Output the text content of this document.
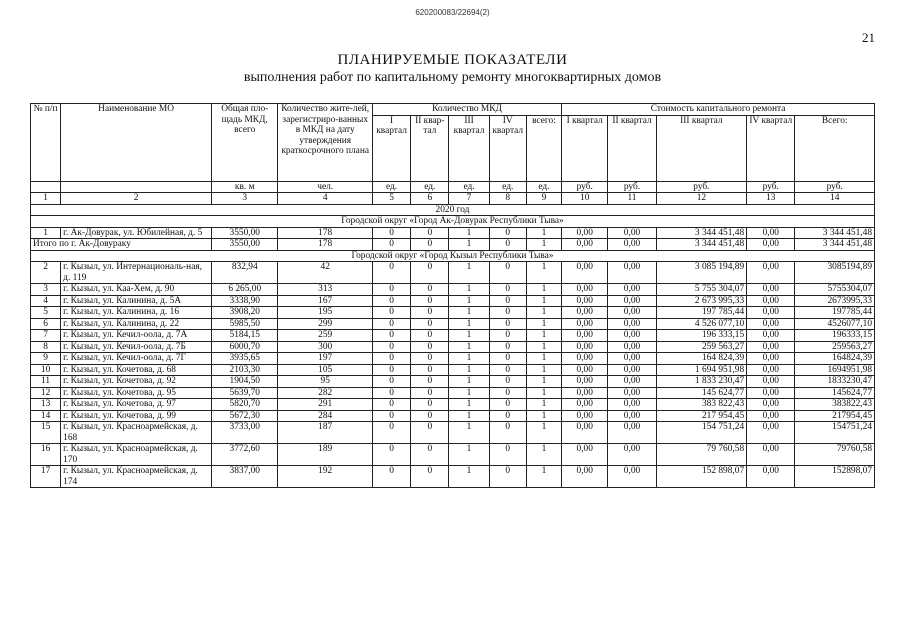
620200083/22694(2)
21
ПЛАНИРУЕМЫЕ ПОКАЗАТЕЛИ
выполнения работ по капитальному ремонту многоквартирных домов
№ п/п	Наименование МО	Общая пло-щадь МКД, всего	Количество жите-лей, зарегистриро-ванных в МКД на дату утверждения краткосрочного плана	Количество МКД					Стоимость капитального ремонта				
				I квартал	II квар-тал	III квартал	IV квартал	всего:	I квартал	II квартал	III квартал	IV квартал	Всего:
		кв. м	чел.	ед.	ед.	ед.	ед.	ед.	руб.	руб.	руб.	руб.	руб.
1	2	3	4	5	6	7	8	9	10	11	12	13	14
2020 год													
Городской округ «Город Ак-Довурак Республики Тыва»													
1	г. Ак-Довурак, ул. Юбилейная, д. 5	3550,00	178	0	0	1	0	1	0,00	0,00	3 344 451,48	0,00	3 344 451,48
Итого по г. Ак-Довураку		3550,00	178	0	0	1	0	1	0,00	0,00	3 344 451,48	0,00	3 344 451,48
Городской округ «Город Кызыл Республики Тыва»													
2	г. Кызыл, ул. Интернациональ-ная, д. 119	832,94	42	0	0	1	0	1	0,00	0,00	3 085 194,89	0,00	3085194,89
3	г. Кызыл, ул. Каа-Хем, д. 90	6 265,00	313	0	0	1	0	1	0,00	0,00	5 755 304,07	0,00	5755304,07
4	г. Кызыл, ул. Калинина, д. 5А	3338,90	167	0	0	1	0	1	0,00	0,00	2 673 995,33	0,00	2673995,33
5	г. Кызыл, ул. Калинина, д. 16	3908,20	195	0	0	1	0	1	0,00	0,00	197 785,44	0,00	197785,44
6	г. Кызыл, ул. Калинина, д. 22	5985,50	299	0	0	1	0	1	0,00	0,00	4 526 077,10	0,00	4526077,10
7	г. Кызыл, ул. Кечил-оола, д. 7А	5184,15	259	0	0	1	0	1	0,00	0,00	196 333,15	0,00	196333,15
8	г. Кызыл, ул. Кечил-оола, д. 7Б	6000,70	300	0	0	1	0	1	0,00	0,00	259 563,27	0,00	259563,27
9	г. Кызыл, ул. Кечил-оола, д. 7Г	3935,65	197	0	0	1	0	1	0,00	0,00	164 824,39	0,00	164824,39
10	г. Кызыл, ул. Кочетова, д. 68	2103,30	105	0	0	1	0	1	0,00	0,00	1 694 951,98	0,00	1694951,98
11	г. Кызыл, ул. Кочетова, д. 92	1904,50	95	0	0	1	0	1	0,00	0,00	1 833 230,47	0,00	1833230,47
12	г. Кызыл, ул. Кочетова, д. 95	5639,70	282	0	0	1	0	1	0,00	0,00	145 624,77	0,00	145624,77
13	г. Кызыл, ул. Кочетова, д. 97	5820,70	291	0	0	1	0	1	0,00	0,00	383 822,43	0,00	383822,43
14	г. Кызыл, ул. Кочетова, д. 99	5672,30	284	0	0	1	0	1	0,00	0,00	217 954,45	0,00	217954,45
15	г. Кызыл, ул. Красноармейская, д. 168	3733,00	187	0	0	1	0	1	0,00	0,00	154 751,24	0,00	154751,24
16	г. Кызыл, ул. Красноармейская, д. 170	3772,60	189	0	0	1	0	1	0,00	0,00	79 760,58	0,00	79760,58
17	г. Кызыл, ул. Красноармейская, д. 174	3837,00	192	0	0	1	0	1	0,00	0,00	152 898,07	0,00	152898,07
